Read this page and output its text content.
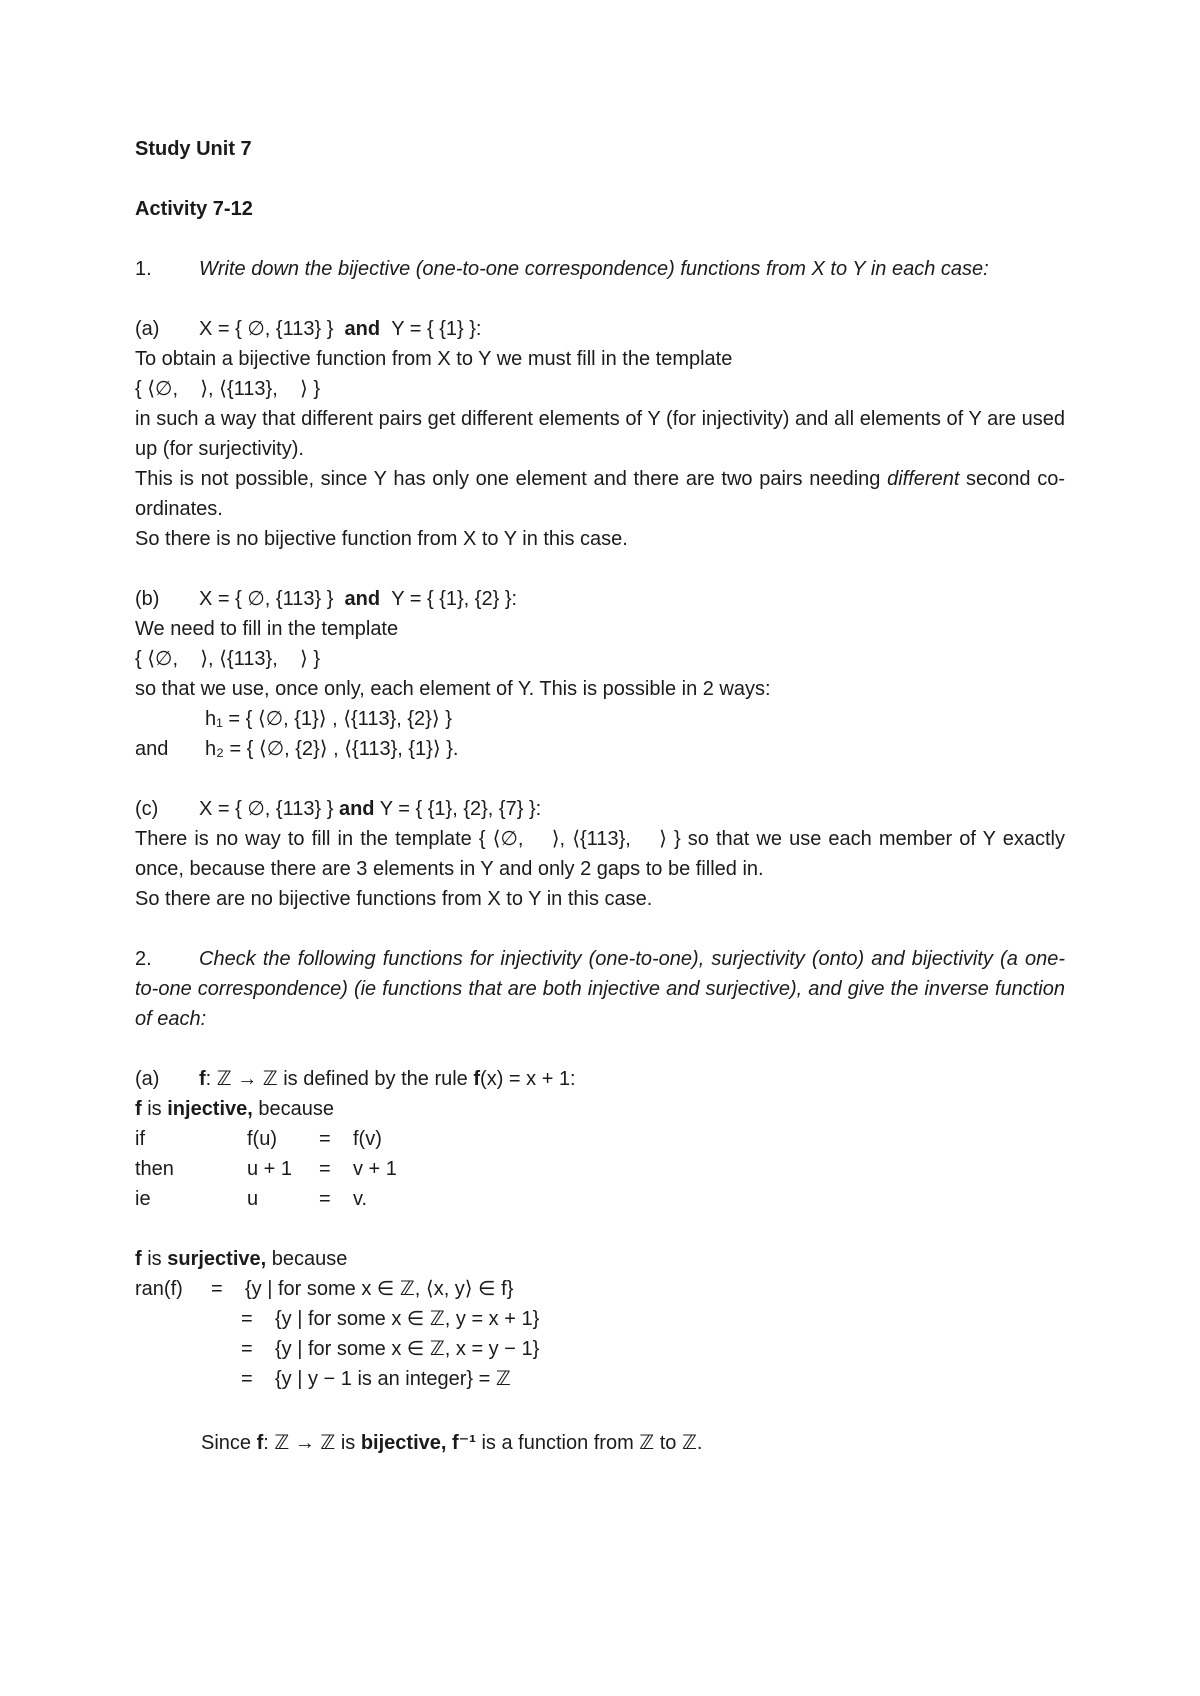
Study Unit 7
Activity 7-12

1. Write down the bijective (one-to-one correspondence) functions from X to Y in each case:

(a) X = { ∅, {113} }  and  Y = { {1} }:

To obtain a bijective function from X to Y we must fill in the template

{ ⟨∅,    ⟩, ⟨{113},    ⟩ }

in such a way that different pairs get different elements of Y (for injectivity) and all elements of Y are used up (for surjectivity).

This is not possible, since Y has only one element and there are two pairs needing different second co-ordinates.

So there is no bijective function from X to Y in this case.

(b) X = { ∅, {113} }  and  Y = { {1}, {2} }:

We need to fill in the template

{ ⟨∅,    ⟩, ⟨{113},    ⟩ }

so that we use, once only, each element of Y. This is possible in 2 ways:

h₁ = { ⟨∅, {1}⟩ , ⟨{113}, {2}⟩ }

and h₂ = { ⟨∅, {2}⟩ , ⟨{113}, {1}⟩ }.

(c) X = { ∅, {113} } and Y = { {1}, {2}, {7} }:

There is no way to fill in the template { ⟨∅,    ⟩, ⟨{113},    ⟩ } so that we use each member of Y exactly once, because there are 3 elements in Y and only 2 gaps to be filled in.

So there are no bijective functions from X to Y in this case.

2. Check the following functions for injectivity (one-to-one), surjectivity (onto) and bijectivity (a one-to-one correspondence) (ie functions that are both injective and surjective), and give the inverse function of each:

(a) f: ℤ → ℤ is defined by the rule f(x) = x + 1:

f is injective, because

if	f(u)	=	f(v)

then	u + 1	=	v + 1

ie	u	=	v.

f is surjective, because

ran(f)	=	{y | for some x ∈ ℤ, ⟨x, y⟩ ∈ f}

=	{y | for some x ∈ ℤ, y = x + 1}

=	{y | for some x ∈ ℤ, x = y − 1}

=	{y | y − 1 is an integer} = ℤ

Since f: ℤ → ℤ is bijective, f⁻¹ is a function from ℤ to ℤ.
